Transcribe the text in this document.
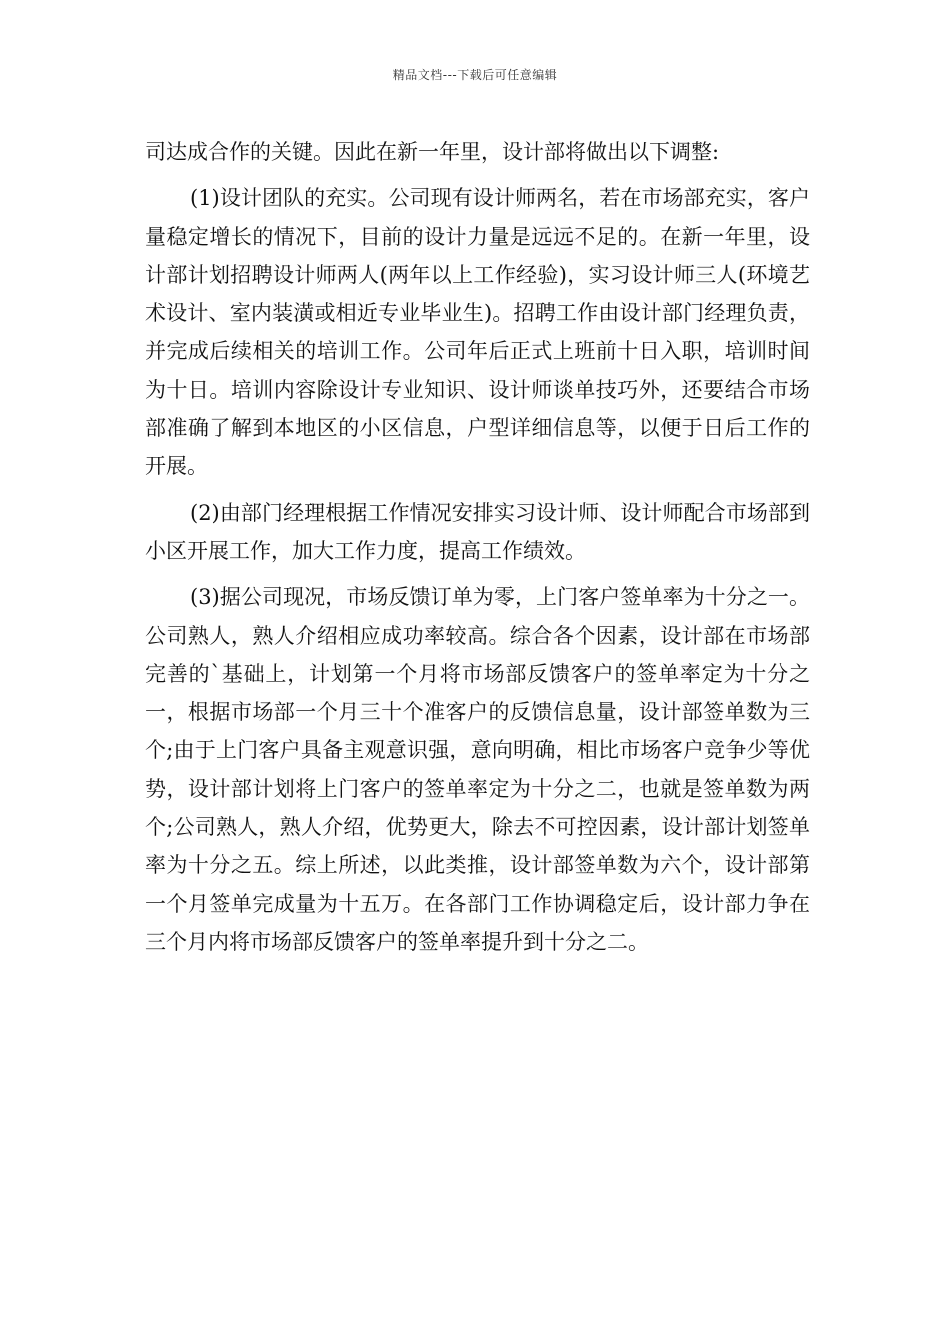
精品文档---下载后可任意编辑

司达成合作的关键。因此在新一年里，设计部将做出以下调整:

(1)设计团队的充实。公司现有设计师两名，若在市场部充实，客户量稳定增长的情况下，目前的设计力量是远远不足的。在新一年里，设计部计划招聘设计师两人(两年以上工作经验)，实习设计师三人(环境艺术设计、室内装潢或相近专业毕业生)。招聘工作由设计部门经理负责，并完成后续相关的培训工作。公司年后正式上班前十日入职，培训时间为十日。培训内容除设计专业知识、设计师谈单技巧外，还要结合市场部准确了解到本地区的小区信息，户型详细信息等，以便于日后工作的开展。

(2)由部门经理根据工作情况安排实习设计师、设计师配合市场部到小区开展工作，加大工作力度，提高工作绩效。

(3)据公司现况，市场反馈订单为零，上门客户签单率为十分之一。公司熟人，熟人介绍相应成功率较高。综合各个因素，设计部在市场部完善的`基础上，计划第一个月将市场部反馈客户的签单率定为十分之一，根据市场部一个月三十个准客户的反馈信息量，设计部签单数为三个;由于上门客户具备主观意识强，意向明确，相比市场客户竞争少等优势，设计部计划将上门客户的签单率定为十分之二，也就是签单数为两个;公司熟人，熟人介绍，优势更大，除去不可控因素，设计部计划签单率为十分之五。综上所述，以此类推，设计部签单数为六个，设计部第一个月签单完成量为十五万。在各部门工作协调稳定后，设计部力争在三个月内将市场部反馈客户的签单率提升到十分之二。
